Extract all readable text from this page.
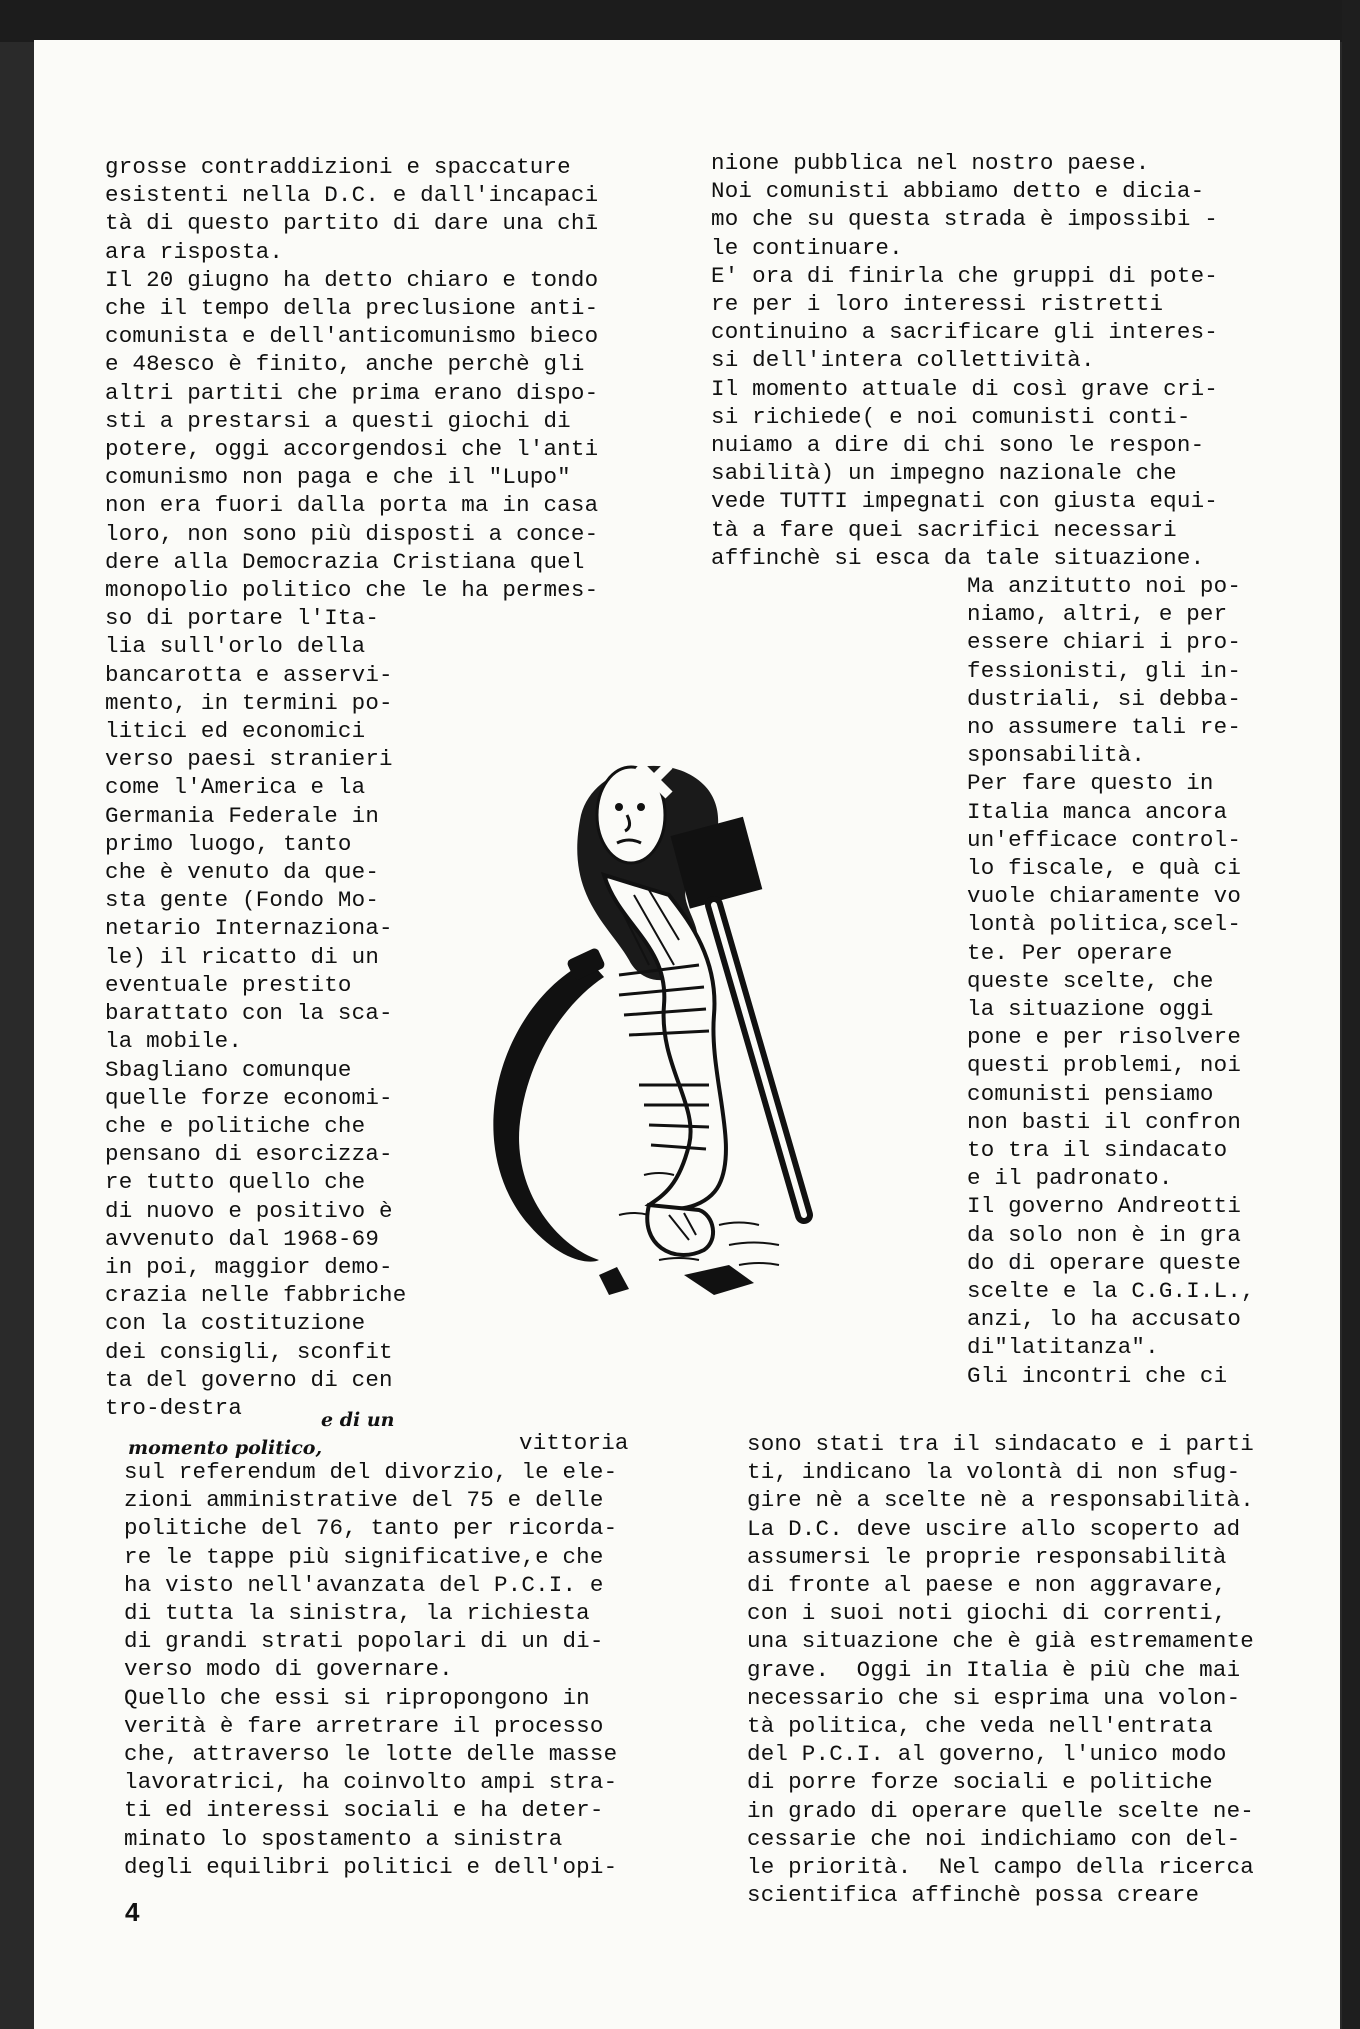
grosse contraddizioni e spaccature
esistenti nella D.C. e dall'incapaci
tà di questo partito di dare una chī
ara risposta.
Il 20 giugno ha detto chiaro e tondo
che il tempo della preclusione anti-
comunista e dell'anticomunismo bieco
e 48esco è finito, anche perchè gli
altri partiti che prima erano dispo-
sti a prestarsi a questi giochi di
potere, oggi accorgendosi che l'anti
comunismo non paga e che il "Lupo"
non era fuori dalla porta ma in casa
loro, non sono più disposti a conce-
dere alla Democrazia Cristiana quel
monopolio politico che le ha permes-
so di portare l'Ita-
lia sull'orlo della
bancarotta e asservi-
mento, in termini po-
litici ed economici
verso paesi stranieri
come l'America e la
Germania Federale in
primo luogo, tanto
che è venuto da que-
sta gente (Fondo Mo-
netario Internaziona-
le) il ricatto di un
eventuale prestito
barattato con la sca-
la mobile.
Sbagliano comunque
quelle forze economi-
che e politiche che
pensano di esorcizza-
re tutto quello che
di nuovo e positivo è
avvenuto dal 1968-69
in poi, maggior demo-
crazia nelle fabbriche
con la costituzione
dei consigli, sconfit
ta del governo di cen
tro-destra	e di un
momento politico,	vittoria
sul referendum del divorzio, le ele-
zioni amministrative del 75 e delle
politiche del 76, tanto per ricorda-
re le tappe più significative,e che
ha visto nell'avanzata del P.C.I. e
di tutta la sinistra, la richiesta
di grandi strati popolari di un di-
verso modo di governare.
Quello che essi si ripropongono in
verità è fare arretrare il processo
che, attraverso le lotte delle masse
lavoratrici, ha coinvolto ampi stra-
ti ed interessi sociali e ha deter-
minato lo spostamento a sinistra
degli equilibri politici e dell'opi-
nione pubblica nel nostro paese.
Noi comunisti abbiamo detto e dicia-
mo che su questa strada è impossibi -
le continuare.
E' ora di finirla che gruppi di pote-
re per i loro interessi ristretti
continuino a sacrificare gli interes-
si dell'intera collettività.
Il momento attuale di così grave cri-
si richiede( e noi comunisti conti-
nuiamo a dire di chi sono le respon-
sabilità) un impegno nazionale che
vede TUTTI impegnati con giusta equi-
tà a fare quei sacrifici necessari
affinchè si esca da tale situazione.
Ma anzitutto noi po-
niamo, altri, e per
essere chiari i pro-
fessionisti, gli in-
dustriali, si debba-
no assumere tali re-
sponsabilità.
Per fare questo in
Italia manca ancora
un'efficace control-
lo fiscale, e quà ci
vuole chiaramente vo
lontà politica,scel-
te. Per operare
queste scelte, che
la situazione oggi
pone e per risolvere
questi problemi, noi
comunisti pensiamo
non basti il confron
to tra il sindacato
e il padronato.
Il governo Andreotti
da solo non è in gra
do di operare queste
scelte e la C.G.I.L.,
anzi, lo ha accusato
di"latitanza".
Gli incontri che ci
sono stati tra il sindacato e i parti
ti, indicano la volontà di non sfug-
gire nè a scelte nè a responsabilità.
La D.C. deve uscire allo scoperto ad
assumersi le proprie responsabilità
di fronte al paese e non aggravare,
con i suoi noti giochi di correnti,
una situazione che è già estremamente
grave.  Oggi in Italia è più che mai
necessario che si esprima una volon-
tà politica, che veda nell'entrata
del P.C.I. al governo, l'unico modo
di porre forze sociali e politiche
in grado di operare quelle scelte ne-
cessarie che noi indichiamo con del-
le priorità.  Nel campo della ricerca
scientifica affinchè possa creare
4
